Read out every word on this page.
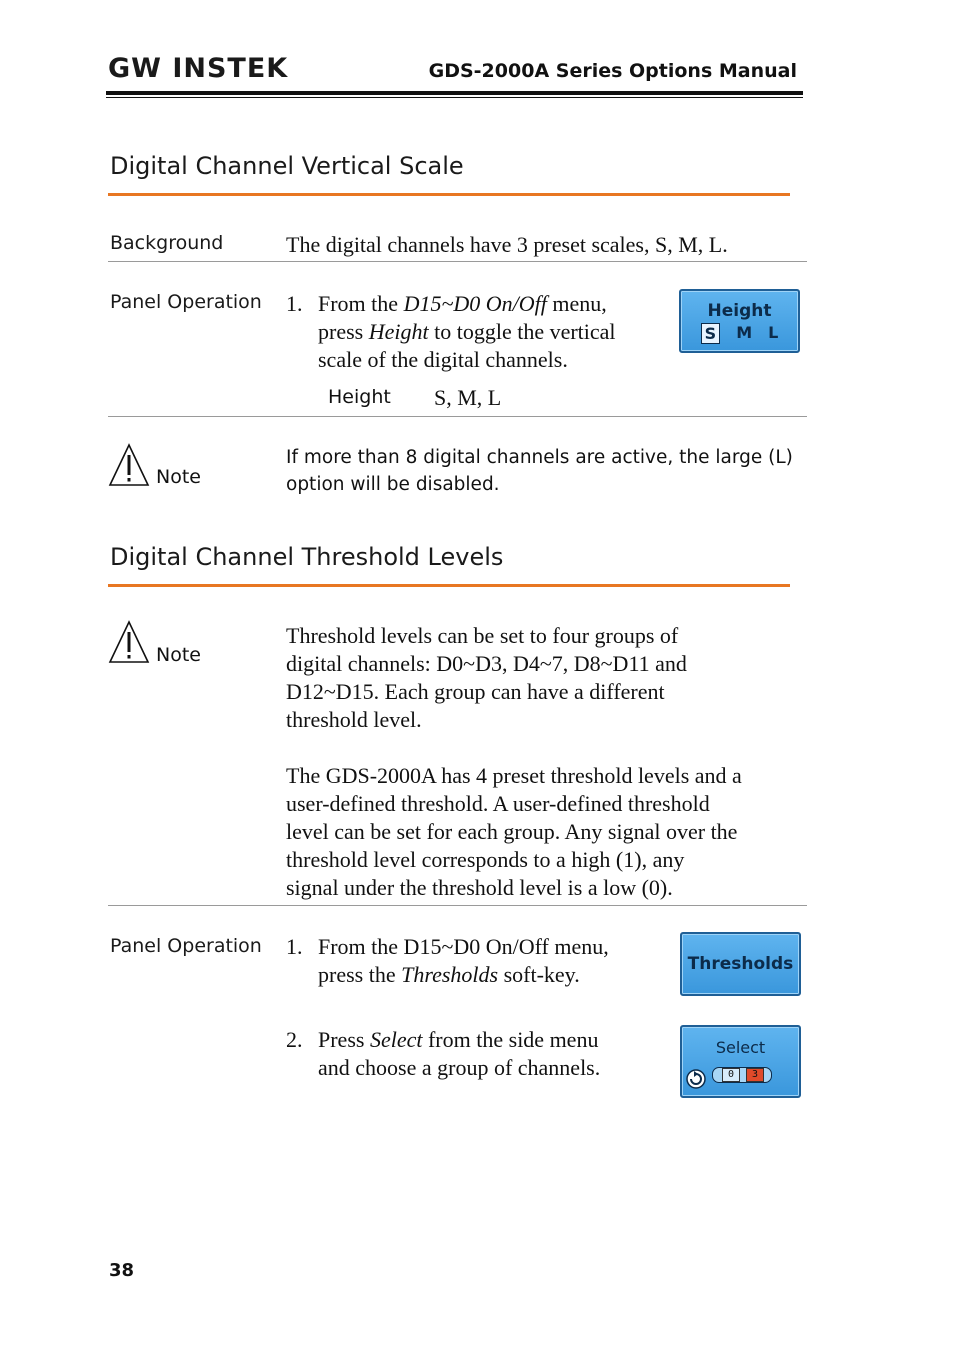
GW INSTEK	GDS-2000A Series Options Manual
Digital Channel Vertical Scale
Background	The digital channels have 3 preset scales, S, M, L.
Panel Operation 1. From the D15~D0 On/Off menu,
press Height to toggle the vertical
scale of the digital channels.
Height
S M L
Height S, M, L
Note
If more than 8 digital channels are active, the large (L)
option will be disabled.
Digital Channel Threshold Levels
Note
Threshold levels can be set to four groups of
digital channels: D0~D3, D4~7, D8~D11 and
D12~D15. Each group can have a different
threshold level.
The GDS-2000A has 4 preset threshold levels and a
user-defined threshold. A user-defined threshold
level can be set for each group. Any signal over the
threshold level corresponds to a high (1), any
signal under the threshold level is a low (0).
Panel Operation 1. From the D15~D0 On/Off menu,
press the Thresholds soft-key.	Thresholds
2. Press Select from the side menu
and choose a group of channels.
Select
0	3
38
